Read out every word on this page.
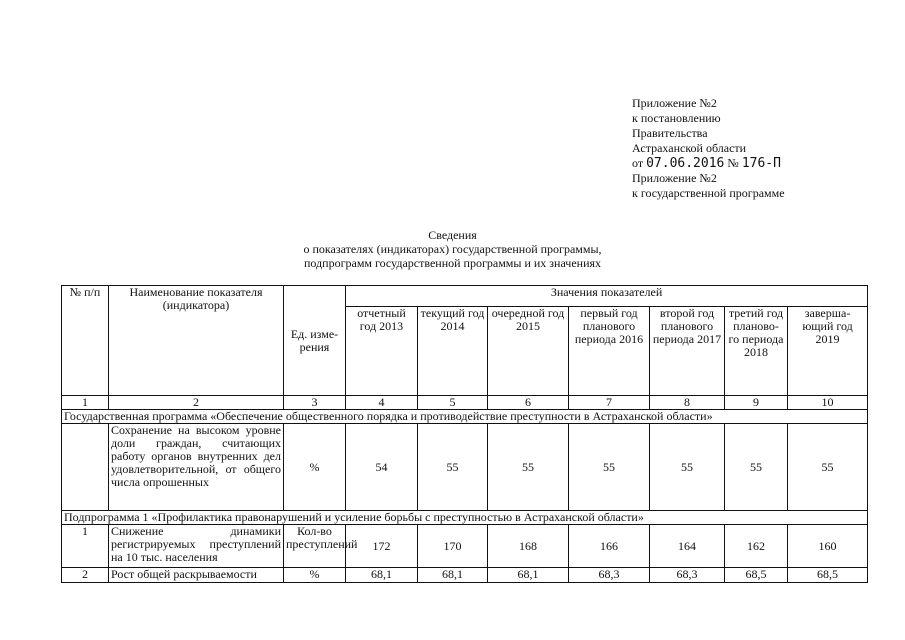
Приложение №2
к постановлению
Правительства
Астраханской области
от 07.06.2016 № 176-П
Приложение №2
к государственной программе
Сведения
о показателях (индикаторах) государственной программы,
подпрограмм государственной программы и их значениях
№ п/п	Наименование показателя (индикатора)	Ед. изме- рения	Значения показателей						
			отчетный год 2013	текущий год 2014	очередной год 2015	первый год планового периода 2016	второй год планового периода 2017	третий год планово- го периода 2018	заверша- ющий год 2019
1	2	3	4	5	6	7	8	9	10
Государственная программа «Обеспечение общественного порядка и противодействие преступности в Астраханской области»									
	Сохранение на высоком уровне доли граждан, считающих работу органов внутренних дел удовлетворительной, от общего числа опрошенных	%	54	55	55	55	55	55	55
Подпрограмма 1 «Профилактика правонарушений и усиление борьбы с преступностью в Астраханской области»									
1	Снижение динамики регистрируемых преступлений на 10 тыс. населения	Кол-во преступлений	172	170	168	166	164	162	160
2	Рост общей раскрываемости	%	68,1	68,1	68,1	68,3	68,3	68,5	68,5
